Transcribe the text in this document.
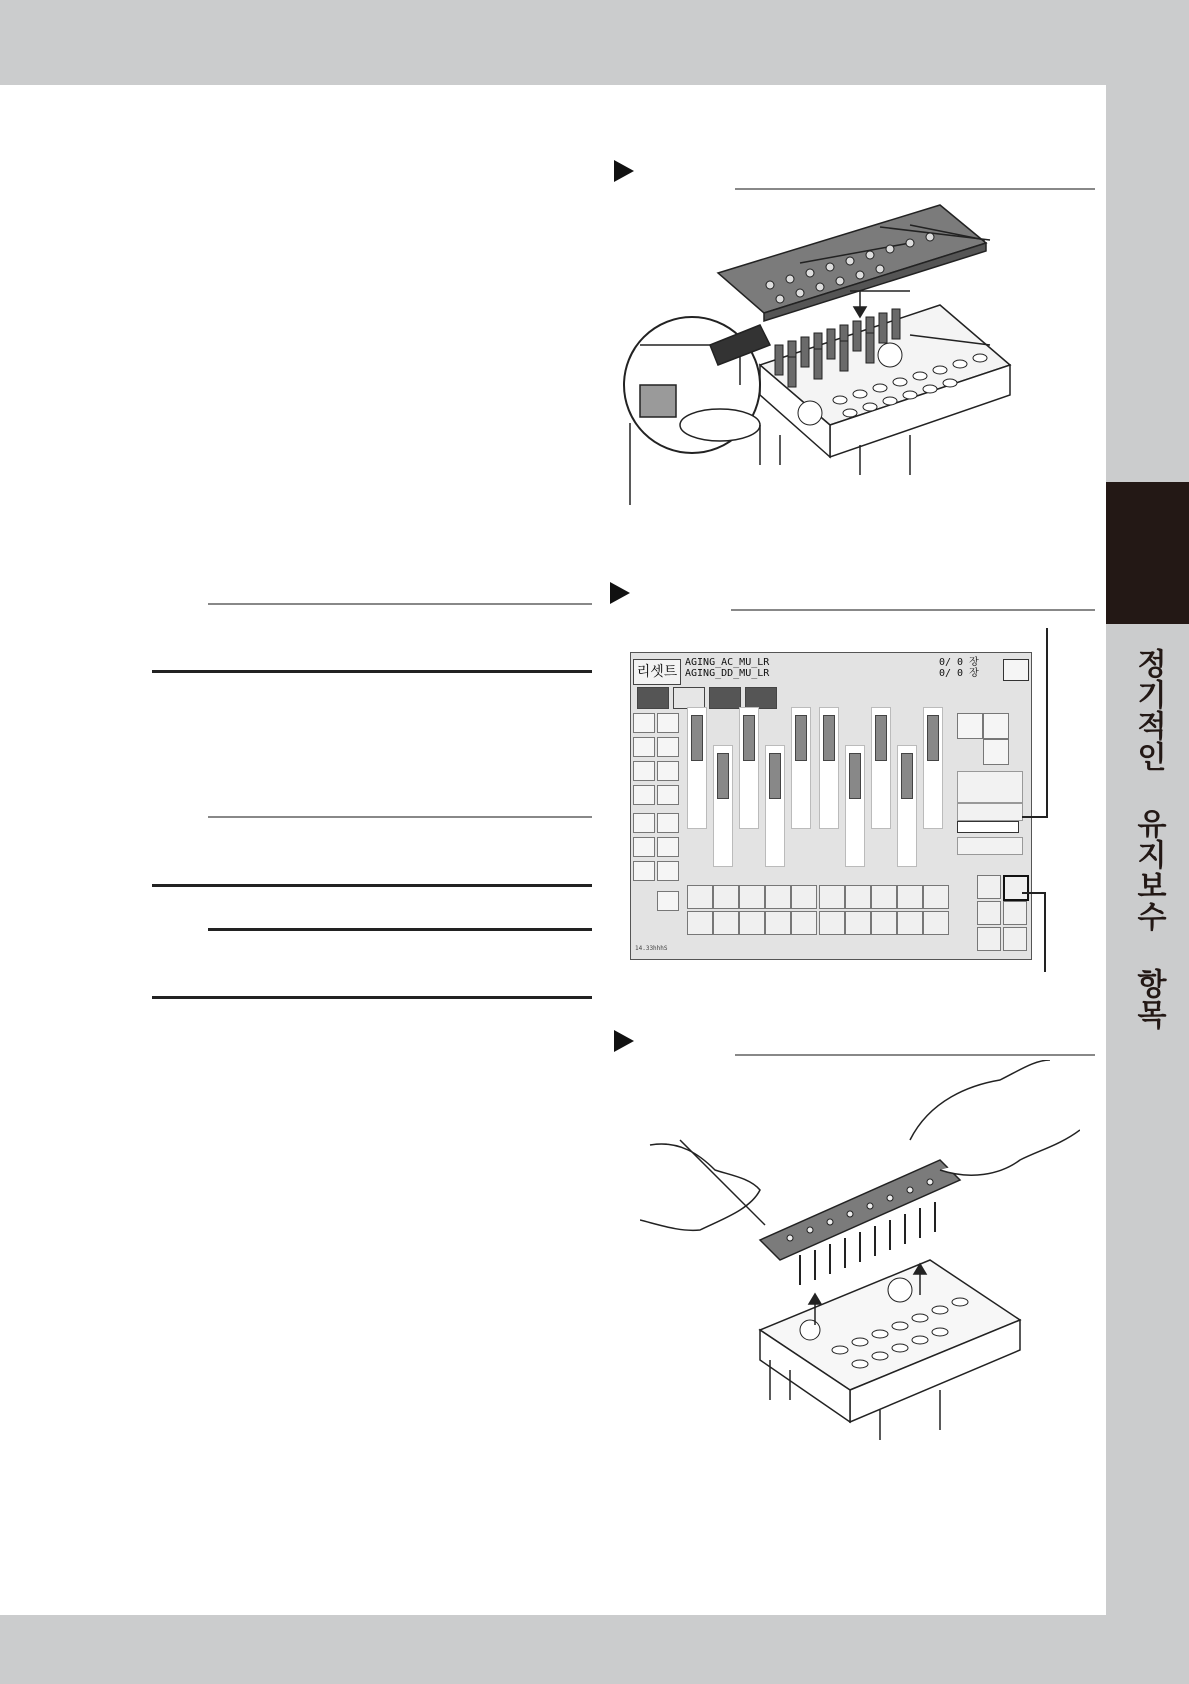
정기적인 유지보수 항목
리셋트
AGING_AC_MU_LR
AGING_DD_MU_LR
0/ 0 장
0/ 0 장
14.33hhhS
